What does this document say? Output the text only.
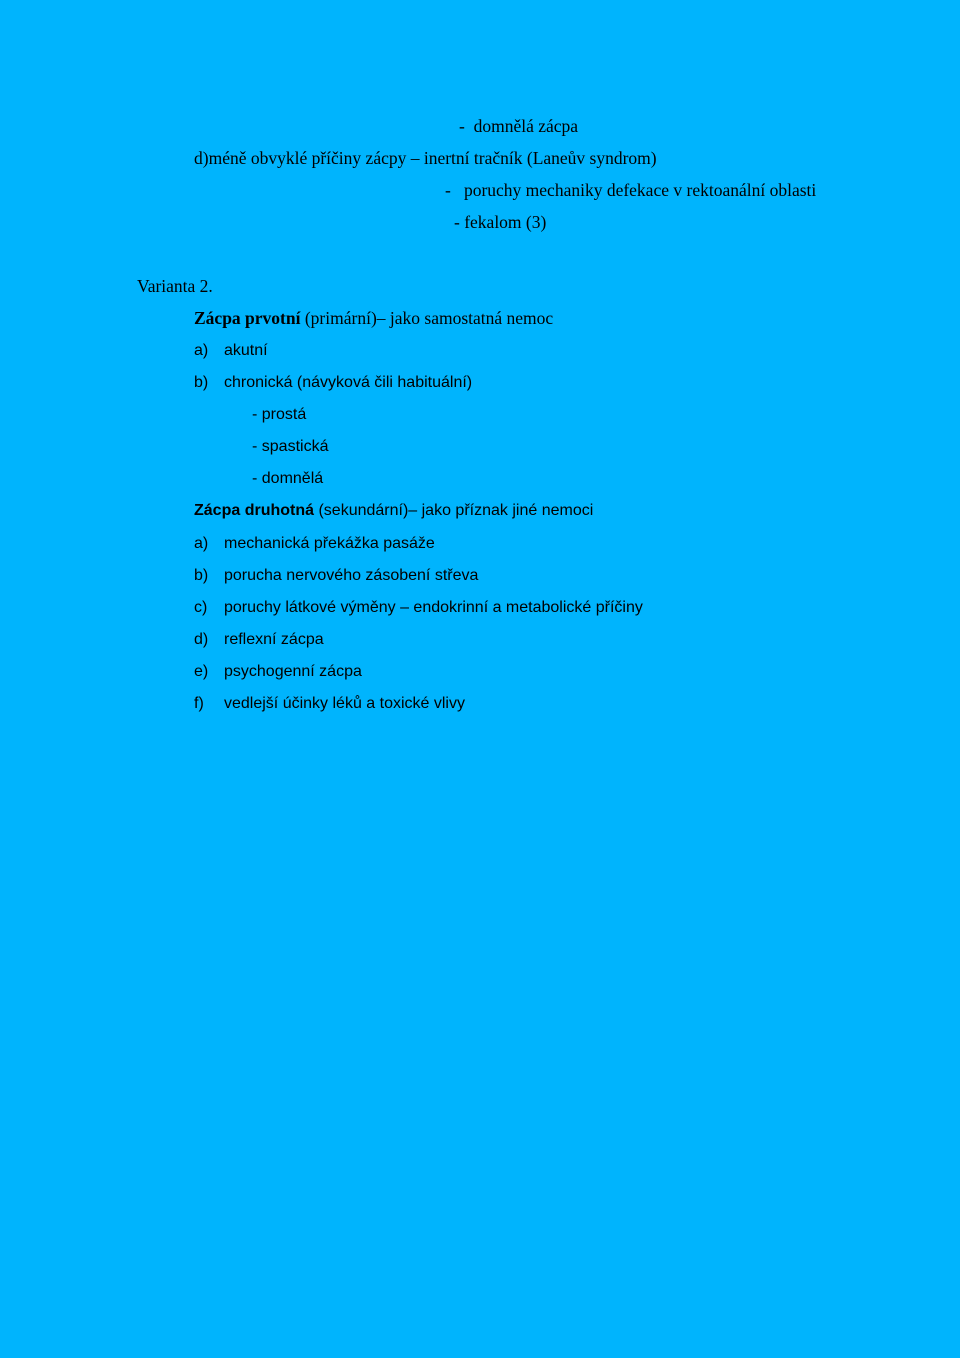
-  domnělá zácpa
d)méně obvyklé příčiny zácpy – inertní tračník (Laneův syndrom)
-   poruchy mechaniky defekace v rektoanální oblasti
- fekalom (3)
Varianta 2.
Zácpa prvotní (primární)– jako samostatná nemoc
a) akutní
b) chronická (návyková čili habituální)
- prostá
- spastická
- domnělá
Zácpa druhotná (sekundární)– jako příznak jiné nemoci
a) mechanická překážka pasáže
b) porucha nervového zásobení střeva
c) poruchy látkové výměny – endokrinní a metabolické příčiny
d) reflexní zácpa
e) psychogenní zácpa
f) vedlejší účinky léků a toxické vlivy
